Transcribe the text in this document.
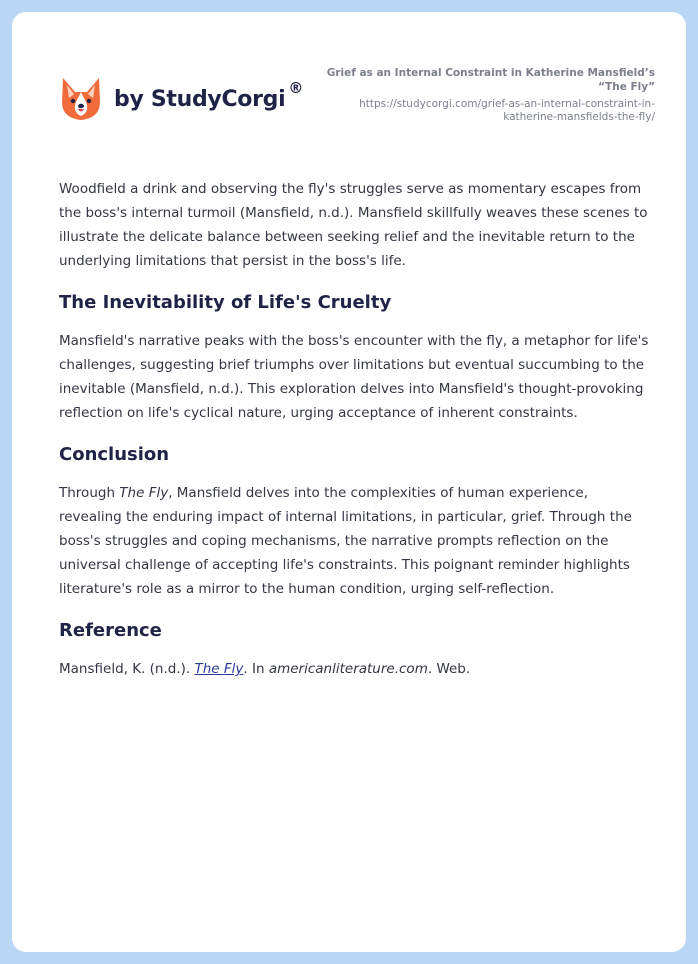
by StudyCorgi ®
Grief as an Internal Constraint in Katherine Mansfield’s “The Fly”
https://studycorgi.com/grief-as-an-internal-constraint-in-katherine-mansfields-the-fly/

Woodfield a drink and observing the fly's struggles serve as momentary escapes from the boss's internal turmoil (Mansfield, n.d.). Mansfield skillfully weaves these scenes to illustrate the delicate balance between seeking relief and the inevitable return to the underlying limitations that persist in the boss's life.

The Inevitability of Life's Cruelty

Mansfield's narrative peaks with the boss's encounter with the fly, a metaphor for life's challenges, suggesting brief triumphs over limitations but eventual succumbing to the inevitable (Mansfield, n.d.). This exploration delves into Mansfield's thought-provoking reflection on life's cyclical nature, urging acceptance of inherent constraints.

Conclusion

Through The Fly, Mansfield delves into the complexities of human experience, revealing the enduring impact of internal limitations, in particular, grief. Through the boss's struggles and coping mechanisms, the narrative prompts reflection on the universal challenge of accepting life's constraints. This poignant reminder highlights literature's role as a mirror to the human condition, urging self-reflection.

Reference

Mansfield, K. (n.d.). The Fly. In americanliterature.com. Web.
